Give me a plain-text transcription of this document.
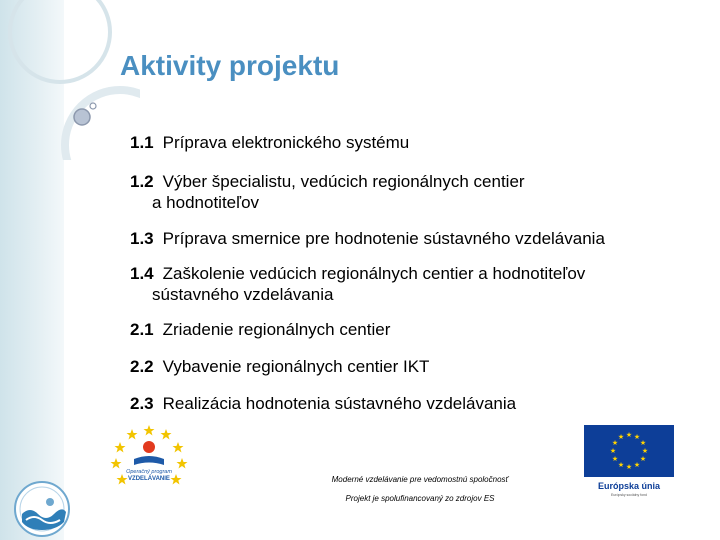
Aktivity projektu
1.1 Príprava elektronického systému
1.2 Výber špecialistu, vedúcich regionálnych centier
a hodnotiteľov
1.3 Príprava smernice pre hodnotenie sústavného vzdelávania
1.4 Zaškolenie vedúcich regionálnych centier a hodnotiteľov
sústavného vzdelávania
2.1 Zriadenie regionálnych centier
2.2 Vybavenie regionálnych centier IKT
2.3 Realizácia hodnotenia sústavného vzdelávania
Operačný program
VZDELÁVANIE	Moderné vzdelávanie pre vedomostnú spoločnosť
Projekt je spolufinancovaný zo zdrojov ES
★ ★
★
★
★
★
★
★
★
★
★
★
Európska únia
Európsky sociálny fond
